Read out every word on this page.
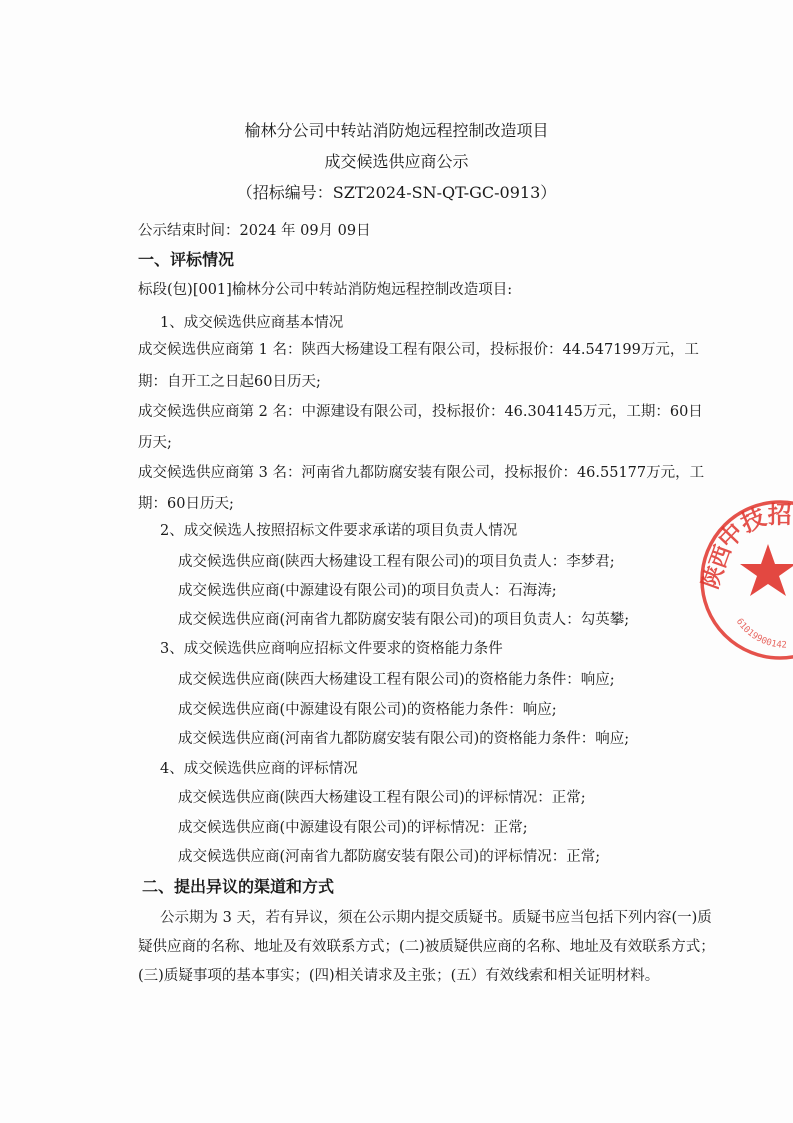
榆林分公司中转站消防炮远程控制改造项目
成交候选供应商公示
（招标编号：SZT2024-SN-QT-GC-0913）
公示结束时间：2024 年 09月 09日
一、评标情况
标段(包)[001]榆林分公司中转站消防炮远程控制改造项目:
1、成交候选供应商基本情况
成交候选供应商第 1 名：陕西大杨建设工程有限公司，投标报价：44.547199万元，工
期：自开工之日起60日历天;
成交候选供应商第 2 名：中源建设有限公司，投标报价：46.304145万元，工期：60日
历天;
成交候选供应商第 3 名：河南省九都防腐安装有限公司，投标报价：46.55177万元，工
期：60日历天;
2、成交候选人按照招标文件要求承诺的项目负责人情况
成交候选供应商(陕西大杨建设工程有限公司)的项目负责人：李梦君;
成交候选供应商(中源建设有限公司)的项目负责人：石海涛;
成交候选供应商(河南省九都防腐安装有限公司)的项目负责人：勾英攀;
3、成交候选供应商响应招标文件要求的资格能力条件
成交候选供应商(陕西大杨建设工程有限公司)的资格能力条件：响应;
成交候选供应商(中源建设有限公司)的资格能力条件：响应;
成交候选供应商(河南省九都防腐安装有限公司)的资格能力条件：响应;
4、成交候选供应商的评标情况
成交候选供应商(陕西大杨建设工程有限公司)的评标情况：正常;
成交候选供应商(中源建设有限公司)的评标情况：正常;
成交候选供应商(河南省九都防腐安装有限公司)的评标情况：正常;
二、提出异议的渠道和方式
公示期为 3 天，若有异议，须在公示期内提交质疑书。质疑书应当包括下列内容(一)质
疑供应商的名称、地址及有效联系方式；(二)被质疑供应商的名称、地址及有效联系方式；
(三)质疑事项的基本事实；(四)相关请求及主张；(五）有效线索和相关证明材料。
中技招
陕西
61019900142
